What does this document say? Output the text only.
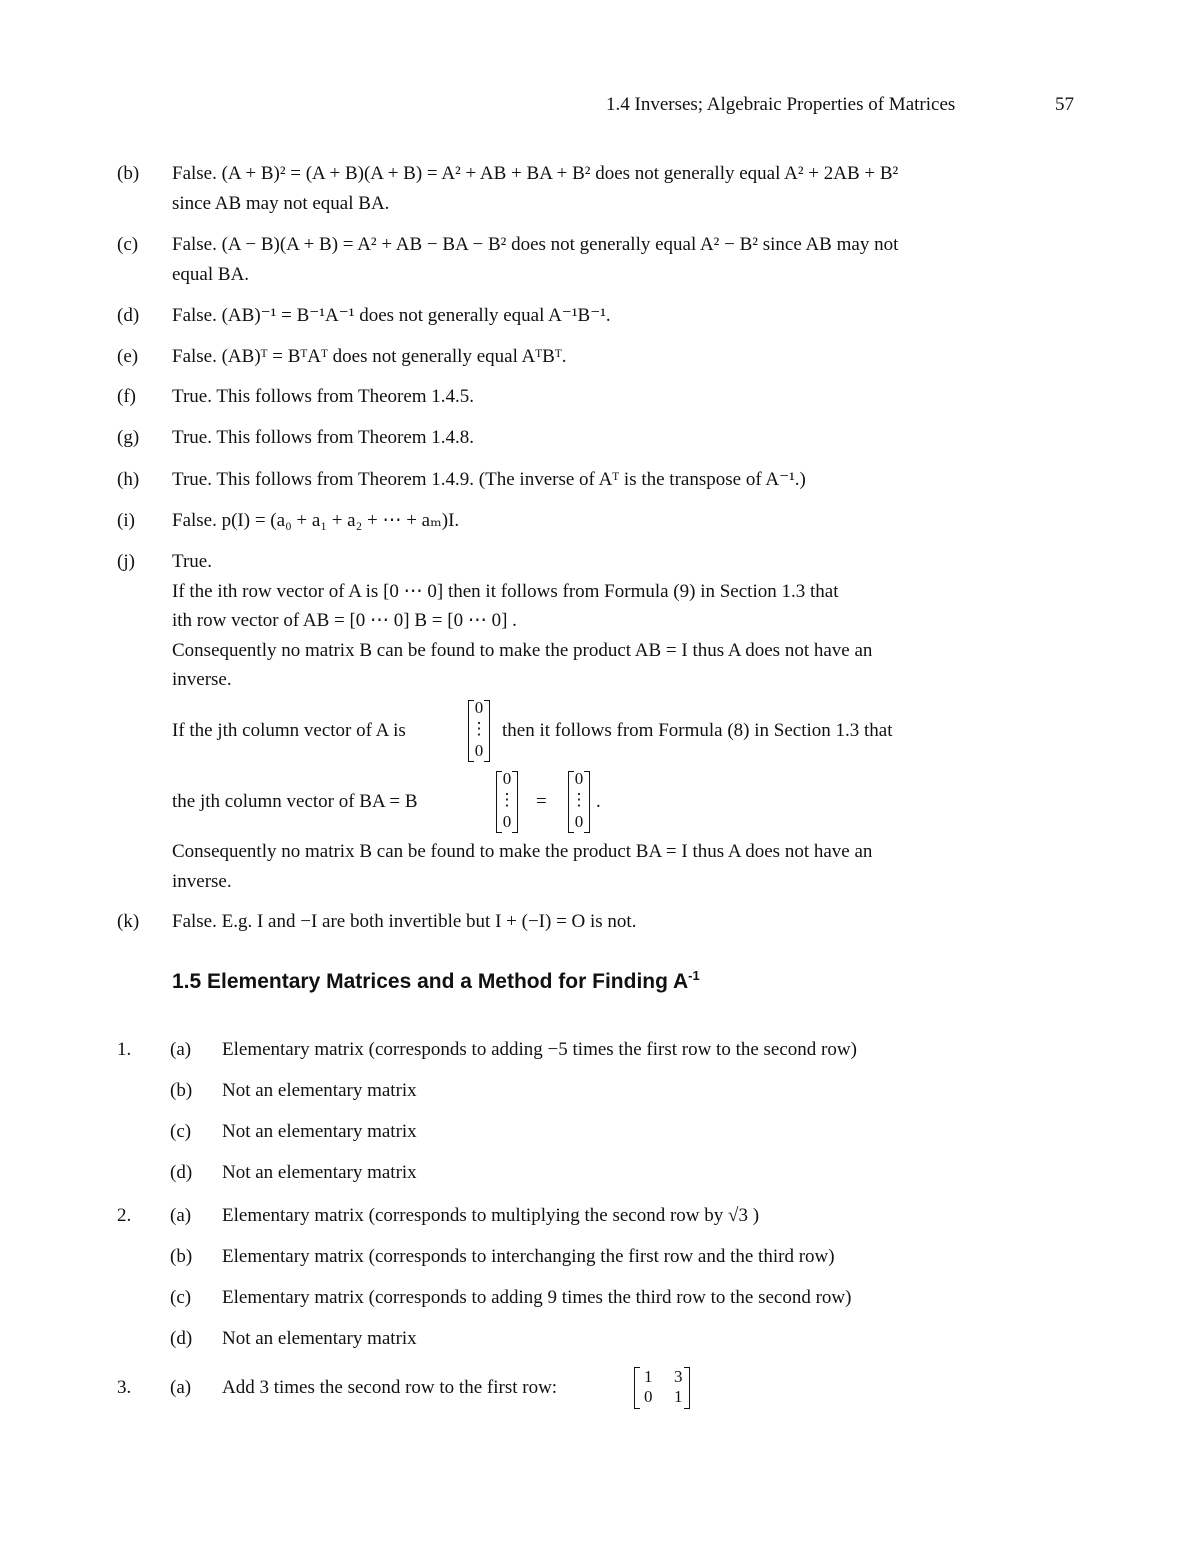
1.4 Inverses; Algebraic Properties of Matrices	57
(b) False. (A + B)² = (A + B)(A + B) = A² + AB + BA + B² does not generally equal A² + 2AB + B²
since AB may not equal BA.
(c) False. (A − B)(A + B) = A² + AB − BA − B² does not generally equal A² − B² since AB may not
equal BA.
(d) False. (AB)⁻¹ = B⁻¹A⁻¹ does not generally equal A⁻¹B⁻¹.
(e) False. (AB)ᵀ = BᵀAᵀ does not generally equal AᵀBᵀ.
(f) True. This follows from Theorem 1.4.5.
(g) True. This follows from Theorem 1.4.8.
(h) True. This follows from Theorem 1.4.9. (The inverse of Aᵀ is the transpose of A⁻¹.)
(i) False. p(I) = (a₀ + a₁ + a₂ + ⋯ + aₘ)I.
(j) True.
If the ith row vector of A is [0 ⋯ 0] then it follows from Formula (9) in Section 1.3 that
ith row vector of AB = [0 ⋯ 0] B = [0 ⋯ 0] .
Consequently no matrix B can be found to make the product AB = I thus A does not have an
inverse.
If the jth column vector of A is
0
⋮
0
then it follows from Formula (8) in Section 1.3 that
the jth column vector of BA = B
0
⋮
0
=
0
⋮
0
.
Consequently no matrix B can be found to make the product BA = I thus A does not have an
inverse.
(k) False. E.g. I and −I are both invertible but I + (−I) = O is not.
1.5 Elementary Matrices and a Method for Finding $A^{-1}$
1. (a) Elementary matrix (corresponds to adding −5 times the first row to the second row)
(b) Not an elementary matrix
(c) Not an elementary matrix
(d) Not an elementary matrix
2. (a) Elementary matrix (corresponds to multiplying the second row by √3 )
(b) Elementary matrix (corresponds to interchanging the first row and the third row)
(c) Elementary matrix (corresponds to adding 9 times the third row to the second row)
(d) Not an elementary matrix
3. (a) Add 3 times the second row to the first row:
1 3
0 1
